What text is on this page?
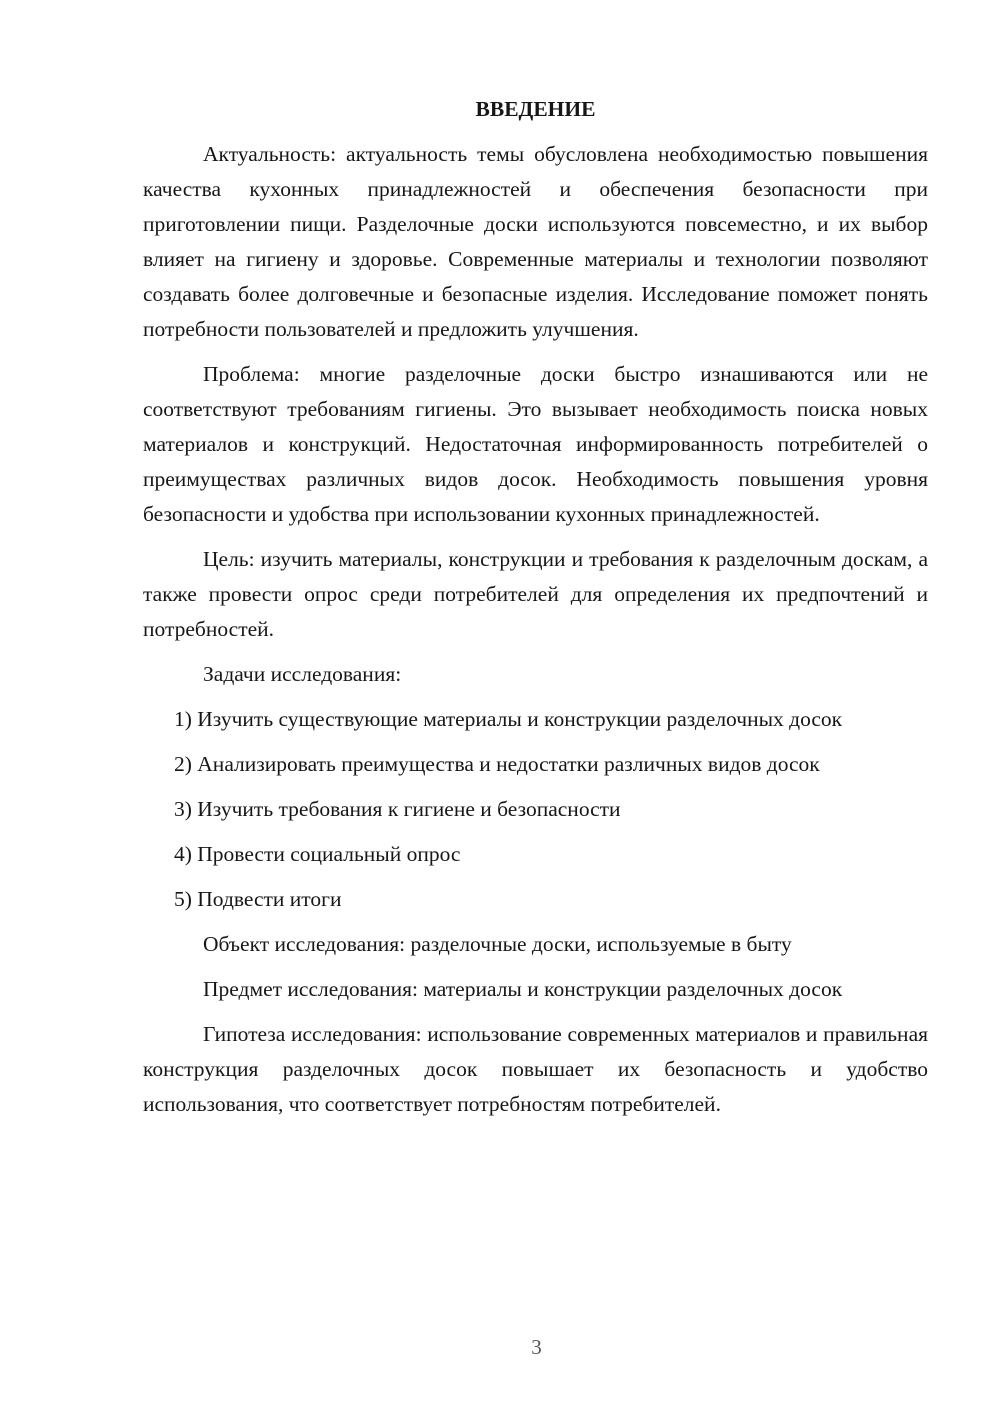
ВВЕДЕНИЕ

Актуальность: актуальность темы обусловлена необходимостью повышения качества кухонных принадлежностей и обеспечения безопасности при приготовлении пищи. Разделочные доски используются повсеместно, и их выбор влияет на гигиену и здоровье. Современные материалы и технологии позволяют создавать более долговечные и безопасные изделия. Исследование поможет понять потребности пользователей и предложить улучшения.

Проблема: многие разделочные доски быстро изнашиваются или не соответствуют требованиям гигиены. Это вызывает необходимость поиска новых материалов и конструкций. Недостаточная информированность потребителей о преимуществах различных видов досок. Необходимость повышения уровня безопасности и удобства при использовании кухонных принадлежностей.

Цель: изучить материалы, конструкции и требования к разделочным доскам, а также провести опрос среди потребителей для определения их предпочтений и потребностей.

Задачи исследования:

1) Изучить существующие материалы и конструкции разделочных досок

2) Анализировать преимущества и недостатки различных видов досок

3) Изучить требования к гигиене и безопасности

4) Провести социальный опрос

5) Подвести итоги

Объект исследования: разделочные доски, используемые в быту

Предмет исследования: материалы и конструкции разделочных досок

Гипотеза исследования: использование современных материалов и правильная конструкция разделочных досок повышает их безопасность и удобство использования, что соответствует потребностям потребителей.

3
